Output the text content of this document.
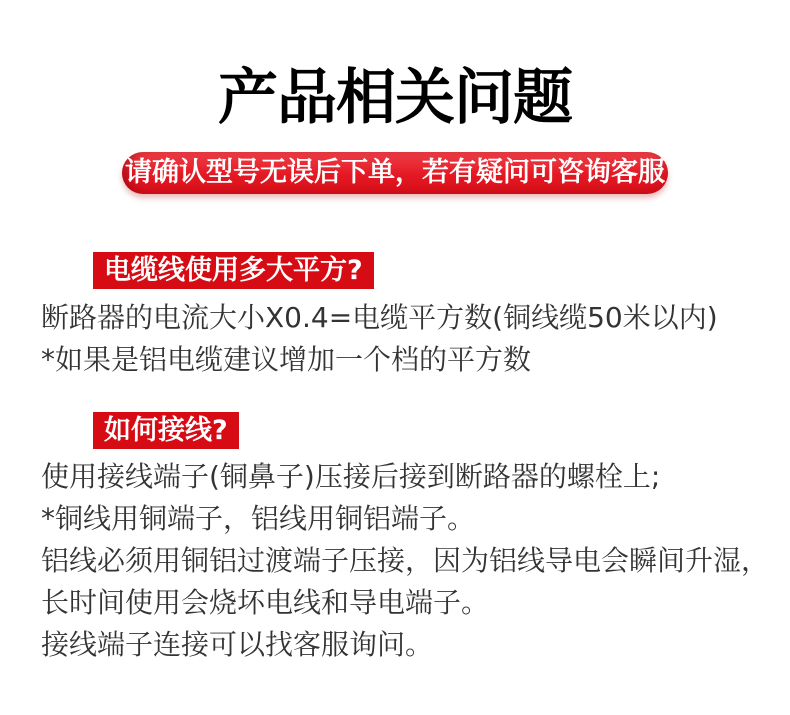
产品相关问题
请确认型号无误后下单，若有疑问可咨询客服
电缆线使用多大平方?
断路器的电流大小X0.4=电缆平方数(铜线缆50米以内)
*如果是铝电缆建议增加一个档的平方数
如何接线?
使用接线端子(铜鼻子)压接后接到断路器的螺栓上;
*铜线用铜端子，铝线用铜铝端子。
铝线必须用铜铝过渡端子压接，因为铝线导电会瞬间升湿，
长时间使用会烧坏电线和导电端子。
接线端子连接可以找客服询问。
